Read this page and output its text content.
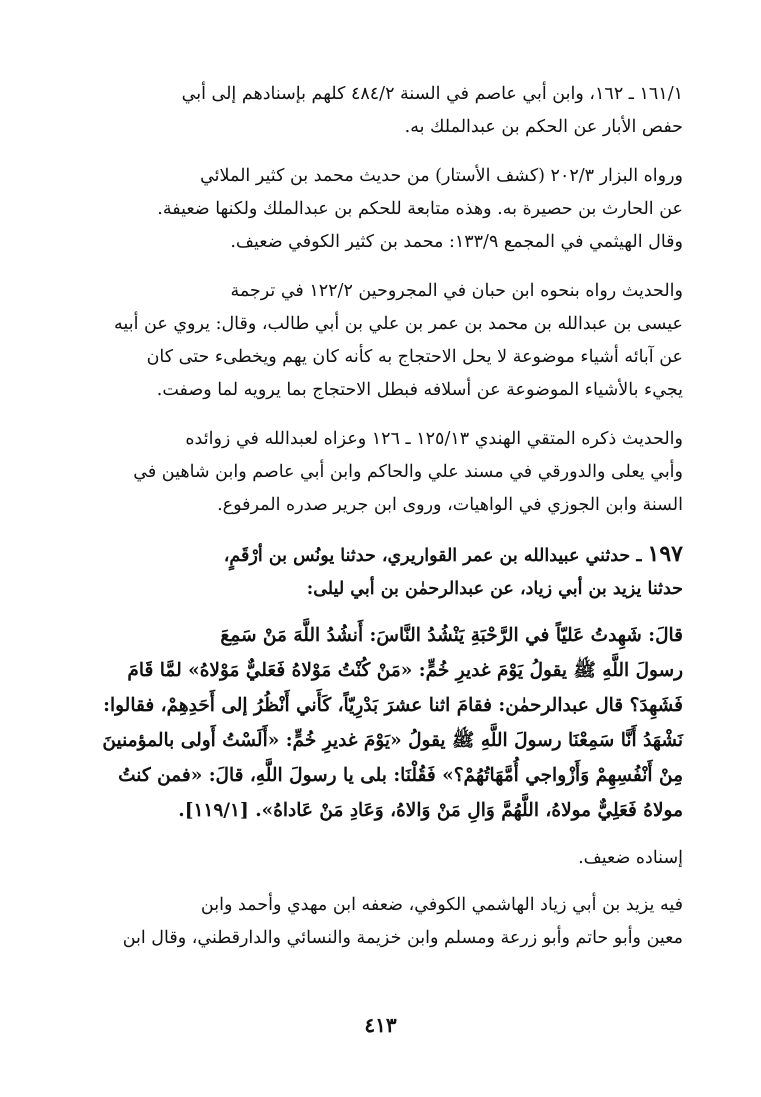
١٦١/١ ـ ١٦٢، وابن أبي عاصم في السنة ٤٨٤/٢ كلهم بإسنادهم إلى أبي
حفص الأبار عن الحكم بن عبدالملك به.
ورواه البزار ٢٠٢/٣ (كشف الأستار) من حديث محمد بن كثير الملائي
عن الحارث بن حصيرة به. وهذه متابعة للحكم بن عبدالملك ولكنها ضعيفة.
وقال الهيثمي في المجمع ١٣٣/٩: محمد بن كثير الكوفي ضعيف.
والحديث رواه بنحوه ابن حبان في المجروحين ١٢٢/٢ في ترجمة
عيسى بن عبدالله بن محمد بن عمر بن علي بن أبي طالب، وقال: يروي عن أبيه
عن آبائه أشياء موضوعة لا يحل الاحتجاج به كأنه كان يهم ويخطىء حتى كان
يجيء بالأشياء الموضوعة عن أسلافه فبطل الاحتجاج بما يرويه لما وصفت.
والحديث ذكره المتقي الهندي ١٢٥/١٣ ـ ١٢٦ وعزاه لعبدالله في زوائده
وأبي يعلى والدورقي في مسند علي والحاكم وابن أبي عاصم وابن شاهين في
السنة وابن الجوزي في الواهيات، وروى ابن جرير صدره المرفوع.
١٩٧ ـ حدثني عبيدالله بن عمر القواريري، حدثنا يونُس بن أرْقَمٍ،
حدثنا يزيد بن أبي زياد، عن عبدالرحمٰن بن أبي ليلى:
قالَ: شَهِدتُ عَليّاً في الرَّحْبَةِ يَنْشُدُ النَّاسَ: أَنشُدُ اللَّهَ مَنْ سَمِعَ
رسولَ اللَّهِ ﷺ يقولُ يَوْمَ غديرِ خُمٍّ: «مَنْ كُنْتُ مَوْلاهُ فَعَليٌّ مَوْلاهُ» لمَّا قَامَ
فَشَهِدَ؟ قال عبدالرحمٰن: فقامَ اثنا عشرَ بَدْرِيّاً، كَأَني أَنْظُرُ إلى أَحَدِهِمْ، فقالوا:
نَشْهَدُ أَنَّا سَمِعْنَا رسولَ اللَّهِ ﷺ يقولُ «يَوْمَ غديرِ خُمٍّ: «أَلَسْتُ أَولى بالمؤمنينَ
مِنْ أَنْفُسِهِمْ وَأَزْواجي أُمَّهَاتُهُمْ؟» فَقُلْنَا: بلى يا رسولَ اللَّهِ، قالَ: «فمن كنتُ
مولاهُ فَعَلِيٌّ مولاهُ، اللَّهُمَّ وَالِ مَنْ وَالاهُ، وَعَادِ مَنْ عَاداهُ». [١١٩/١].
إسناده ضعيف.
فيه يزيد بن أبي زياد الهاشمي الكوفي، ضعفه ابن مهدي وأحمد وابن
معين وأبو حاتم وأبو زرعة ومسلم وابن خزيمة والنسائي والدارقطني، وقال ابن
٤١٣
